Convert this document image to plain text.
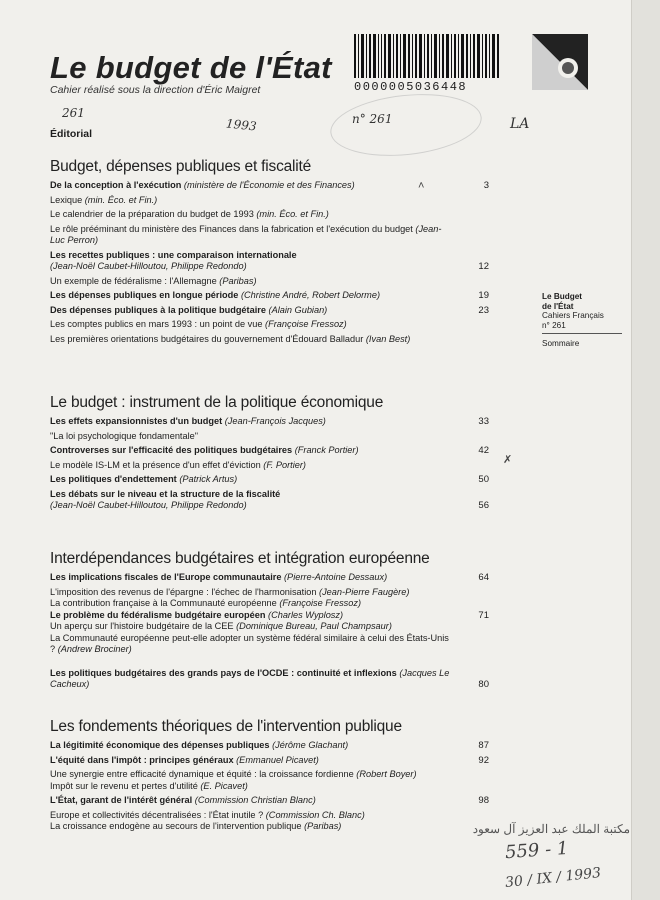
Le budget de l'État
Cahier réalisé sous la direction d'Éric Maigret
261
1993	n° 261	LA
Éditorial
0000005036448
˄
✗
Budget, dépenses publiques et fiscalité
De la conception à l'exécution (ministère de l'Économie et des Finances)	3
Lexique (min. Éco. et Fin.)
Le calendrier de la préparation du budget de 1993 (min. Éco. et Fin.)
Le rôle prééminant du ministère des Finances dans la fabrication et l'exécution du budget (Jean-Luc Perron)
Les recettes publiques : une comparaison internationale
(Jean-Noël Caubet-Hilloutou, Philippe Redondo)	12
Un exemple de fédéralisme : l'Allemagne (Paribas)
Les dépenses publiques en longue période (Christine André, Robert Delorme)	19
Des dépenses publiques à la politique budgétaire (Alain Gubian)	23
Les comptes publics en mars 1993 : un point de vue (Françoise Fressoz)
Les premières orientations budgétaires du gouvernement d'Édouard Balladur (Ivan Best)
Le budget : instrument de la politique économique
Les effets expansionnistes d'un budget (Jean-François Jacques)	33
"La loi psychologique fondamentale"
Controverses sur l'efficacité des politiques budgétaires (Franck Portier)	42
Le modèle IS-LM et la présence d'un effet d'éviction (F. Portier)
Les politiques d'endettement (Patrick Artus)	50
Les débats sur le niveau et la structure de la fiscalité
(Jean-Noël Caubet-Hilloutou, Philippe Redondo)	56
Interdépendances budgétaires et intégration européenne
Les implications fiscales de l'Europe communautaire (Pierre-Antoine Dessaux)	64
L'imposition des revenus de l'épargne : l'échec de l'harmonisation (Jean-Pierre Faugère)
La contribution française à la Communauté européenne (Françoise Fressoz)
Le problème du fédéralisme budgétaire européen (Charles Wyplosz)	71
Un aperçu sur l'histoire budgétaire de la CEE (Dominique Bureau, Paul Champsaur)
La Communauté européenne peut-elle adopter un système fédéral similaire à celui des États-Unis ? (Andrew Brociner)
Les politiques budgétaires des grands pays de l'OCDE : continuité et inflexions (Jacques Le Cacheux)	80
Les fondements théoriques de l'intervention publique
La légitimité économique des dépenses publiques (Jérôme Glachant)	87
L'équité dans l'impôt : principes généraux (Emmanuel Picavet)	92
Une synergie entre efficacité dynamique et équité : la croissance fordienne (Robert Boyer)
Impôt sur le revenu et pertes d'utilité (E. Picavet)
L'État, garant de l'intérêt général (Commission Christian Blanc)	98
Europe et collectivités décentralisées : l'État inutile ? (Commission Ch. Blanc)
La croissance endogène au secours de l'intervention publique (Paribas)
Le Budget
de l'État
Cahiers Français
n° 261
Sommaire
مكتبة الملك عبد العزيز آل سعود
559 - 1
30 / IX / 1993
